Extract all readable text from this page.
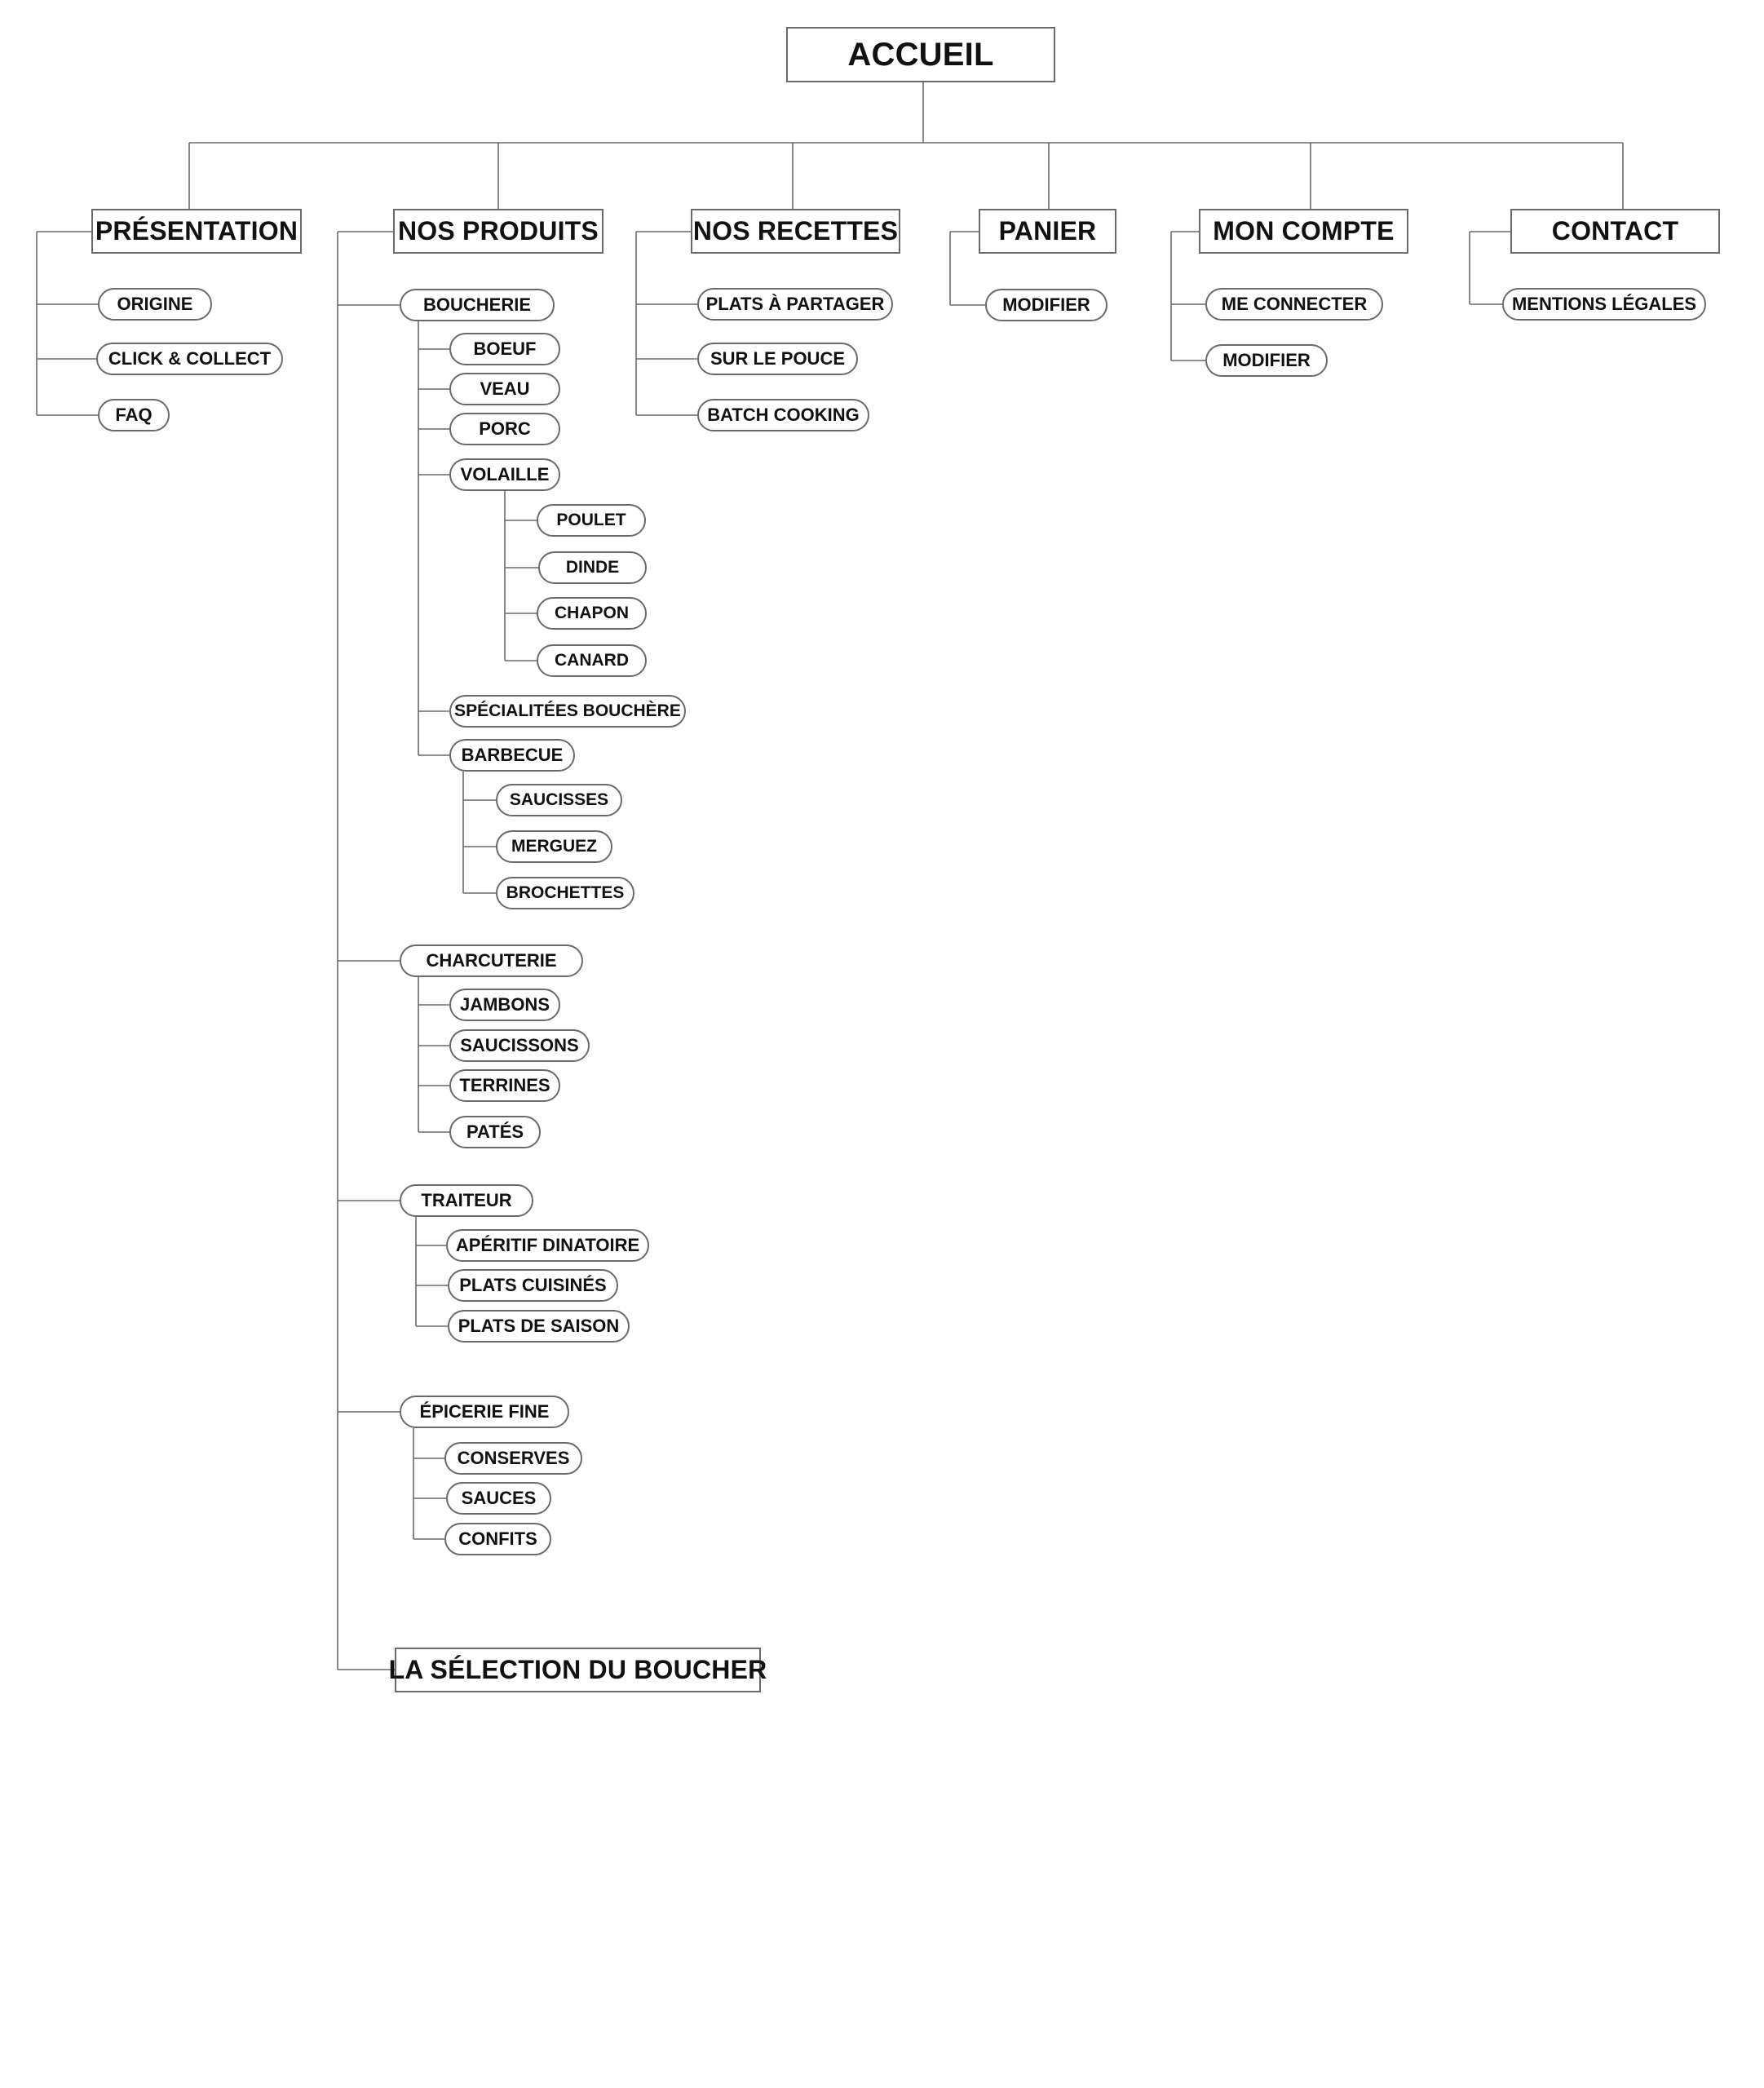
ACCUEIL
PRÉSENTATION	NOS PRODUITS	NOS RECETTES	PANIER	MON COMPTE	CONTACT
ORIGINE
CLICK & COLLECT
FAQ
BOUCHERIE
BOEUF
VEAU
PORC
VOLAILLE
POULET
DINDE
CHAPON
CANARD
SPÉCIALITÉES BOUCHÈRE
BARBECUE
SAUCISSES
MERGUEZ
BROCHETTES
CHARCUTERIE
JAMBONS
SAUCISSONS
TERRINES
PATÉS
TRAITEUR
APÉRITIF DINATOIRE
PLATS CUISINÉS
PLATS DE SAISON
ÉPICERIE FINE
CONSERVES
SAUCES
CONFITS
LA SÉLECTION DU BOUCHER
PLATS À PARTAGER
SUR LE POUCE
BATCH COOKING
MODIFIER	ME CONNECTER
MODIFIER
MENTIONS LÉGALES
